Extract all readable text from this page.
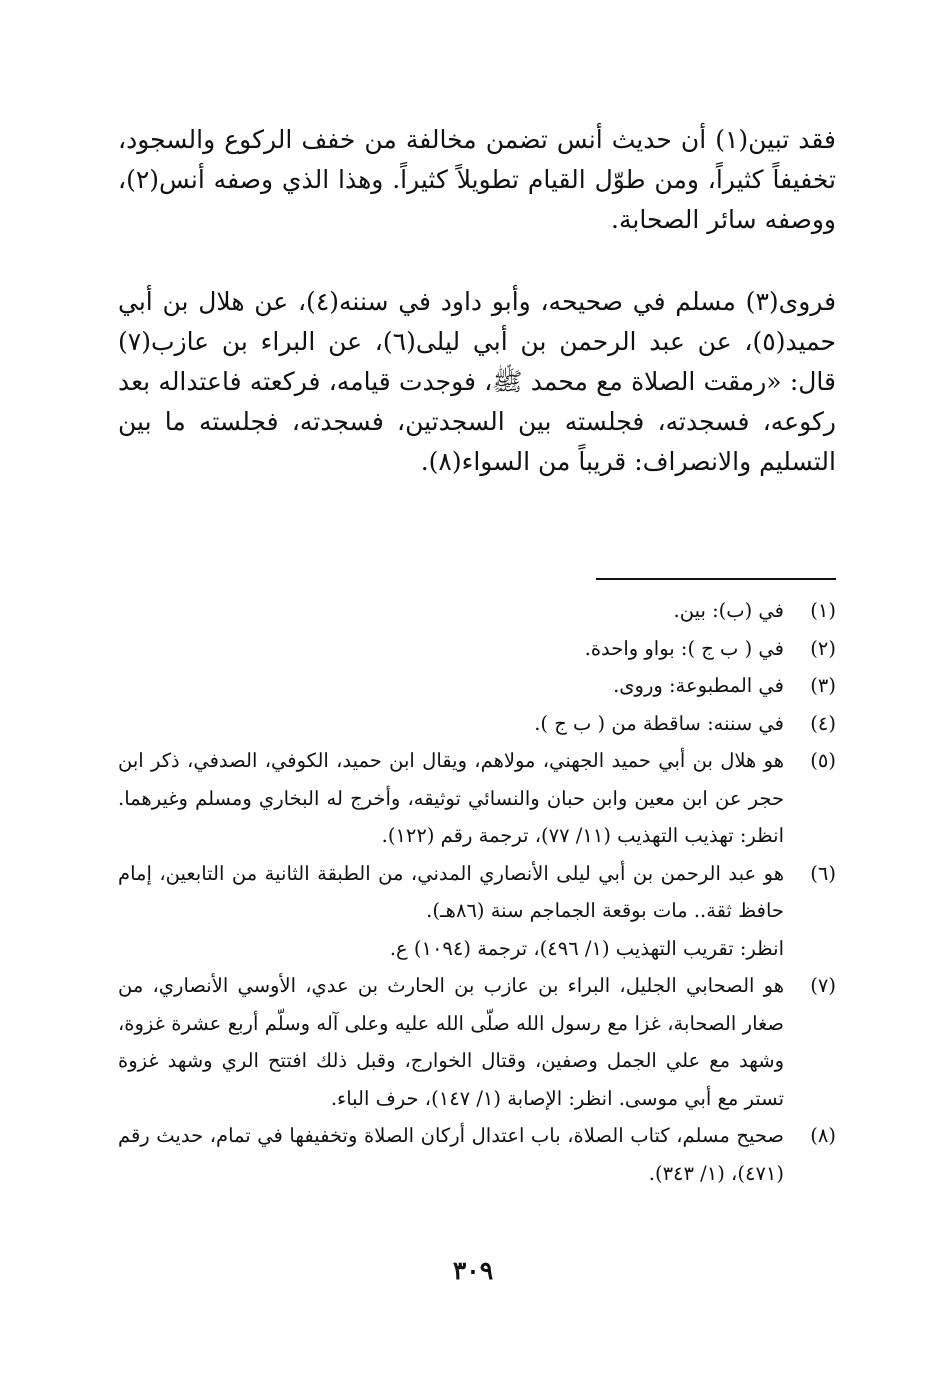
فقد تبين(١) أن حديث أنس تضمن مخالفة من خفف الركوع والسجود، تخفيفاً كثيراً، ومن طوّل القيام تطويلاً كثيراً. وهذا الذي وصفه أنس(٢)، ووصفه سائر الصحابة.

فروى(٣) مسلم في صحيحه، وأبو داود في سننه(٤)، عن هلال بن أبي حميد(٥)، عن عبد الرحمن بن أبي ليلى(٦)، عن البراء بن عازب(٧) قال: «رمقت الصلاة مع محمد ﷺ، فوجدت قيامه، فركعته فاعتداله بعد ركوعه، فسجدته، فجلسته بين السجدتين، فسجدته، فجلسته ما بين التسليم والانصراف: قريباً من السواء(٨).

(١)

في (ب): بين.

(٢)

في ( ب ج ): بواو واحدة.

(٣)

في المطبوعة: وروى.

(٤)

في سننه: ساقطة من ( ب ج ).

(٥)

هو هلال بن أبي حميد الجهني، مولاهم، ويقال ابن حميد، الكوفي، الصدفي، ذكر ابن حجر عن ابن معين وابن حبان والنسائي توثيقه، وأخرج له البخاري ومسلم وغيرهما. انظر: تهذيب التهذيب (١١/ ٧٧)، ترجمة رقم (١٢٢).

(٦)
هو عبد الرحمن بن أبي ليلى الأنصاري المدني، من الطبقة الثانية من التابعين، إمام حافظ ثقة.. مات بوقعة الجماجم سنة (٨٦هـ).
انظر: تقريب التهذيب (١/ ٤٩٦)، ترجمة (١٠٩٤) ع.
(٧)

هو الصحابي الجليل، البراء بن عازب بن الحارث بن عدي، الأوسي الأنصاري، من صغار الصحابة، غزا مع رسول الله صلّى الله عليه وعلى آله وسلّم أربع عشرة غزوة، وشهد مع علي الجمل وصفين، وقتال الخوارج، وقبل ذلك افتتح الري وشهد غزوة تستر مع أبي موسى. انظر: الإصابة (١/ ١٤٧)، حرف الباء.

(٨)

صحيح مسلم، كتاب الصلاة، باب اعتدال أركان الصلاة وتخفيفها في تمام، حديث رقم (٤٧١)، (١/ ٣٤٣).

٣٠٩
